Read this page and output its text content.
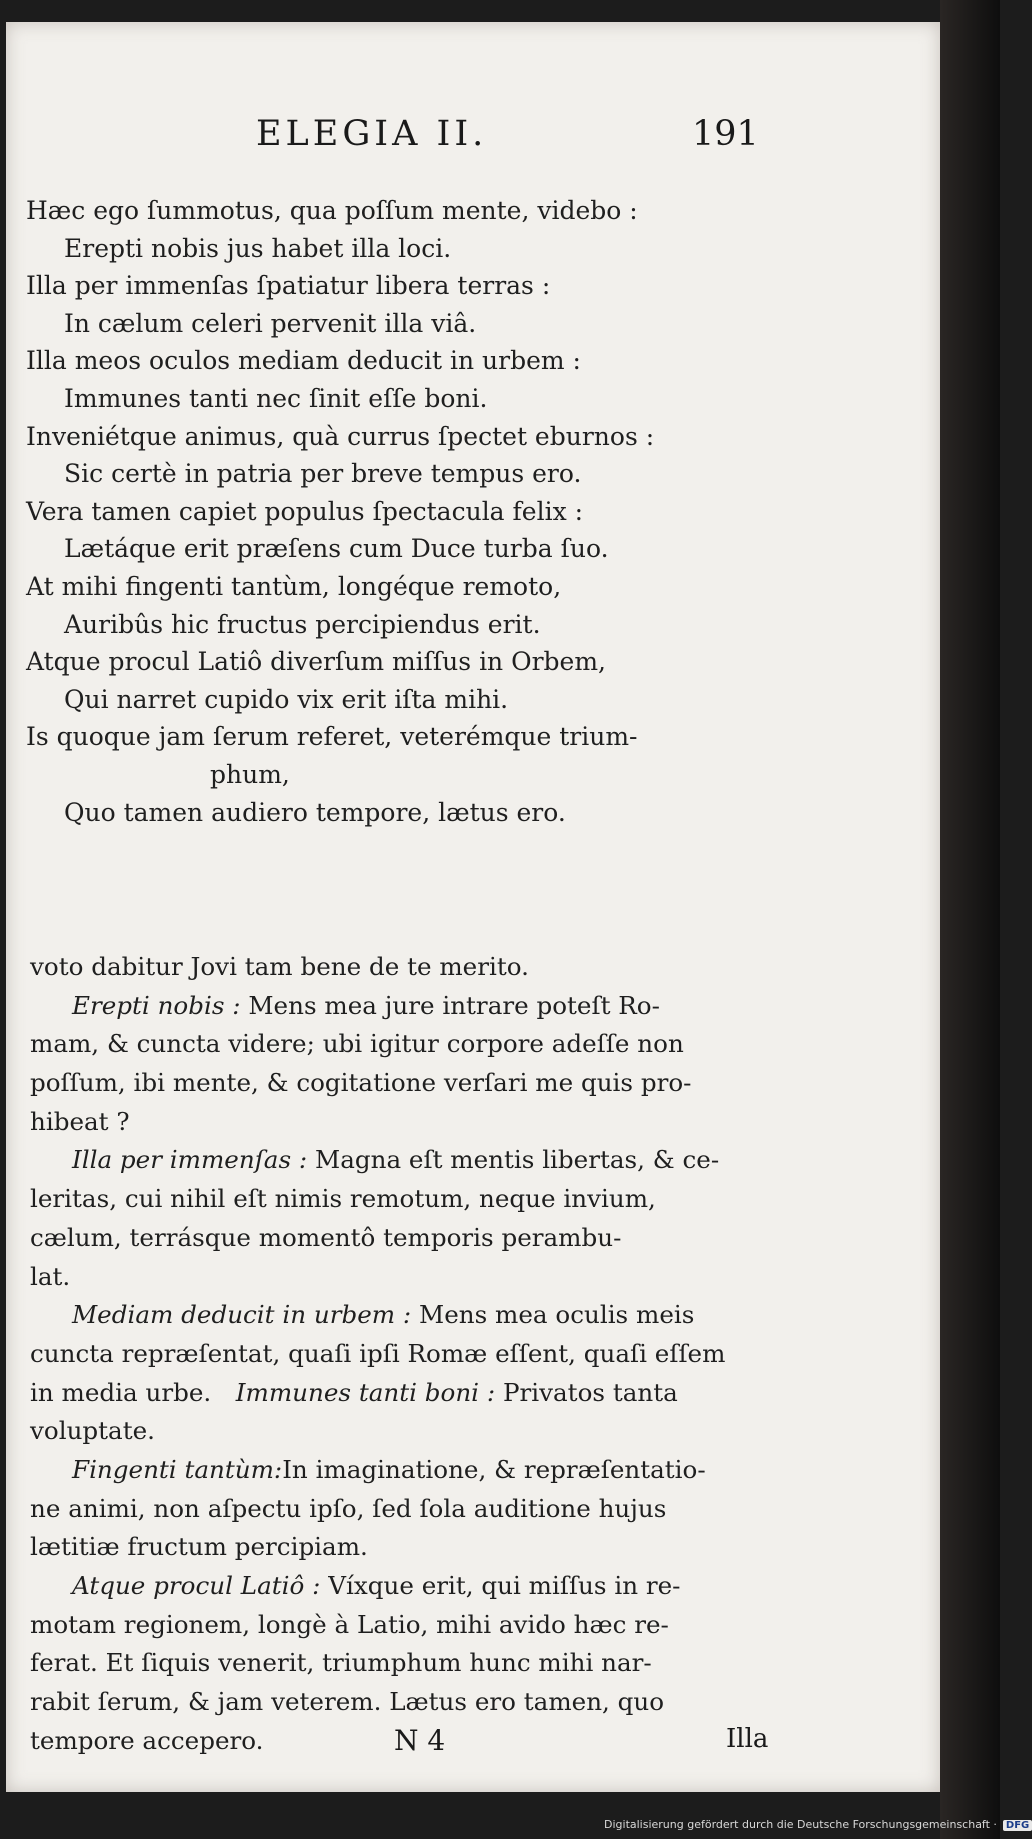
ELEGIA II.	191
Hæc ego ſummotus, qua poſſum mente, videbo :
Erepti nobis jus habet illa loci.
Illa per immenſas ſpatiatur libera terras :
In cælum celeri pervenit illa viâ.
Illa meos oculos mediam deducit in urbem :
Immunes tanti nec ſinit eſſe boni.
Inveniétque animus, quà currus ſpectet eburnos :
Sic certè in patria per breve tempus ero.
Vera tamen capiet populus ſpectacula felix :
Lætáque erit præſens cum Duce turba ſuo.
At mihi fingenti tantùm, longéque remoto,
Auribûs hic fructus percipiendus erit.
Atque procul Latiô diverſum miſſus in Orbem,
Qui narret cupido vix erit iſta mihi.
Is quoque jam ſerum referet, veterémque trium-
phum,
Quo tamen audiero tempore, lætus ero.
voto dabitur Jovi tam bene de te merito.
Erepti nobis : Mens mea jure intrare poteſt Ro-
mam, & cuncta videre; ubi igitur corpore adeſſe non
poſſum, ibi mente, & cogitatione verſari me quis pro-
hibeat ?
Illa per immenſas : Magna eſt mentis libertas, & ce-
leritas, cui nihil eſt nimis remotum, neque invium,
cælum, terrásque momentô temporis perambu-
lat.
Mediam deducit in urbem : Mens mea oculis meis
cuncta repræſentat, quaſi ipſi Romæ eſſent, quaſi eſſem
in media urbe.  Immunes tanti boni : Privatos tanta
voluptate.
Fingenti tantùm:In imaginatione, & repræſentatio-
ne animi, non aſpectu ipſo, ſed ſola auditione hujus
lætitiæ fructum percipiam.
Atque procul Latiô : Víxque erit, qui miſſus in re-
motam regionem, longè à Latio, mihi avido hæc re-
ferat. Et ſiquis venerit, triumphum hunc mihi nar-
rabit ſerum, & jam veterem. Lætus ero tamen, quo
tempore accepero.	N 4	Illa
Digitalisierung gefördert durch die Deutsche Forschungsgemeinschaft · DFG
